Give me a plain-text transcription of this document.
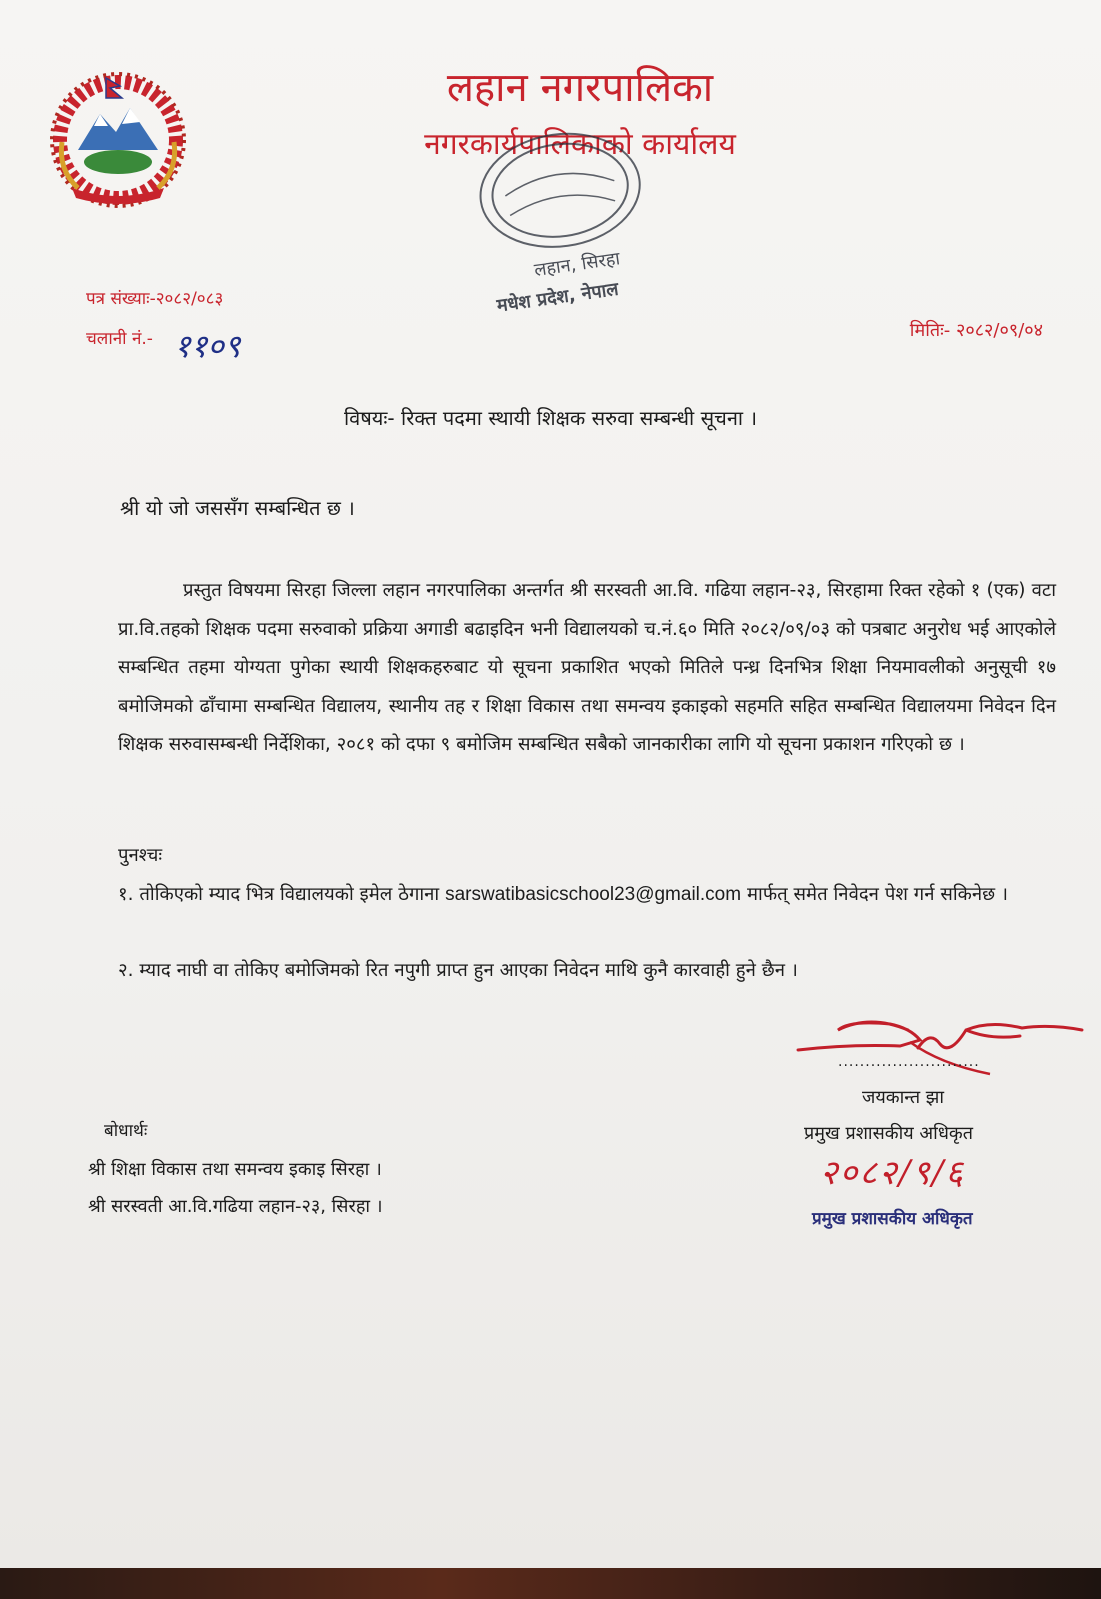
लहान नगरपालिका
नगरकार्यपालिकाको कार्यालय
लहान, सिरहा
मधेश प्रदेश, नेपाल
पत्र संख्याः-२०८२/०८३
चलानी नं.- ११०९	मितिः- २०८२/०९/०४
विषयः- रिक्त पदमा स्थायी शिक्षक सरुवा सम्बन्धी सूचना ।
श्री यो जो जससँग सम्बन्धित छ ।
प्रस्तुत विषयमा सिरहा जिल्ला लहान नगरपालिका अन्तर्गत श्री सरस्वती आ.वि. गढिया लहान-२३, सिरहामा रिक्त रहेको १ (एक) वटा प्रा.वि.तहको शिक्षक पदमा सरुवाको प्रक्रिया अगाडी बढाइदिन भनी विद्यालयको च.नं.६० मिति २०८२/०९/०३ को पत्रबाट अनुरोध भई आएकोले सम्बन्धित तहमा योग्यता पुगेका स्थायी शिक्षकहरुबाट यो सूचना प्रकाशित भएको मितिले पन्ध्र दिनभित्र शिक्षा नियमावलीको अनुसूची १७ बमोजिमको ढाँचामा सम्बन्धित विद्यालय, स्थानीय तह र शिक्षा विकास तथा समन्वय इकाइको सहमति सहित सम्बन्धित विद्यालयमा निवेदन दिन शिक्षक सरुवासम्बन्धी निर्देशिका, २०८१ को दफा ९ बमोजिम सम्बन्धित सबैको जानकारीका लागि यो सूचना प्रकाशन गरिएको छ ।
पुनश्चः
१. तोकिएको म्याद भित्र विद्यालयको इमेल ठेगाना sarswatibasicschool23@gmail.com मार्फत् समेत निवेदन पेश गर्न सकिनेछ ।
२. म्याद नाघी वा तोकिए बमोजिमको रित नपुगी प्राप्त हुन आएका निवेदन माथि कुनै कारवाही हुने छैन ।
..........................
जयकान्त झा
प्रमुख प्रशासकीय अधिकृत
२०८२/९/६
प्रमुख प्रशासकीय अधिकृत
बोधार्थः
श्री शिक्षा विकास तथा समन्वय इकाइ सिरहा ।
श्री सरस्वती आ.वि.गढिया लहान-२३, सिरहा ।
